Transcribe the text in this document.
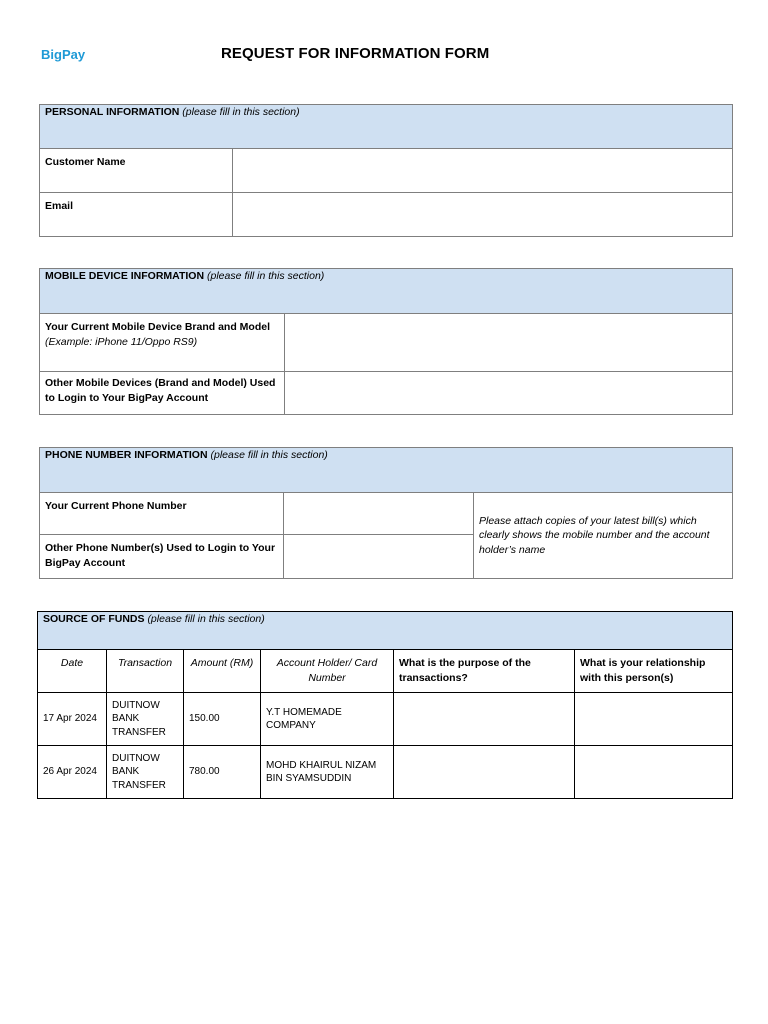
BigPay	REQUEST FOR INFORMATION FORM
PERSONAL INFORMATION (please fill in this section)	
Customer Name	
Email	
MOBILE DEVICE INFORMATION (please fill in this section)	
Your Current Mobile Device Brand and Model
(Example: iPhone 11/Oppo RS9)	

Other Mobile Devices (Brand and Model) Used to Login to Your BigPay Account	
PHONE NUMBER INFORMATION (please fill in this section)		
Your Current Phone Number		Please attach copies of your latest bill(s) which clearly shows the mobile number and the account holder’s name
Other Phone Number(s) Used to Login to Your BigPay Account		
SOURCE OF FUNDS (please fill in this section)					
Date	Transaction	Amount (RM)	Account Holder/ Card Number	What is the purpose of the transactions?	What is your relationship with this person(s)
17 Apr 2024	DUITNOW BANK TRANSFER	150.00	Y.T HOMEMADE COMPANY		
26 Apr 2024	DUITNOW BANK TRANSFER	780.00	MOHD KHAIRUL NIZAM BIN SYAMSUDDIN		
